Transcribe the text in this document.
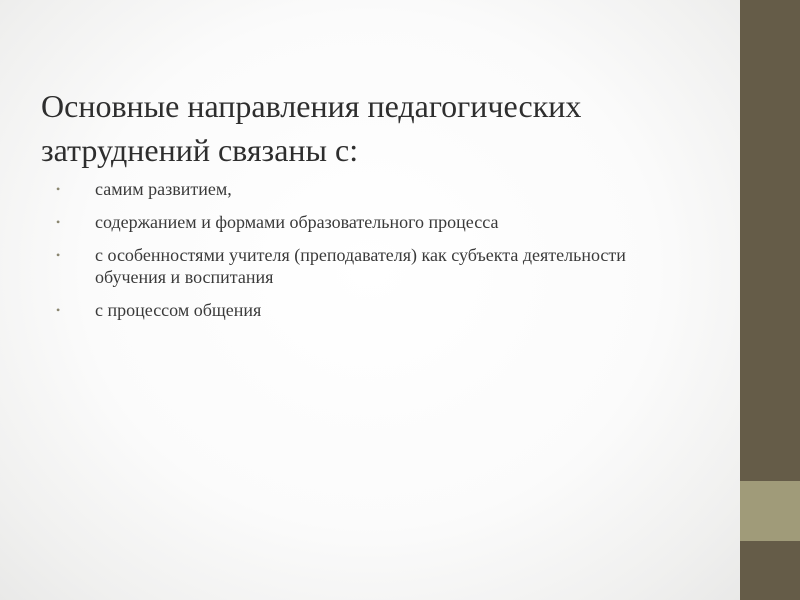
Основные направления педагогических
затруднений связаны с:
• самим развитием,
• содержанием и формами образовательного процесса
• с особенностями учителя (преподавателя) как субъекта деятельности обучения и воспитания
• с процессом общения
